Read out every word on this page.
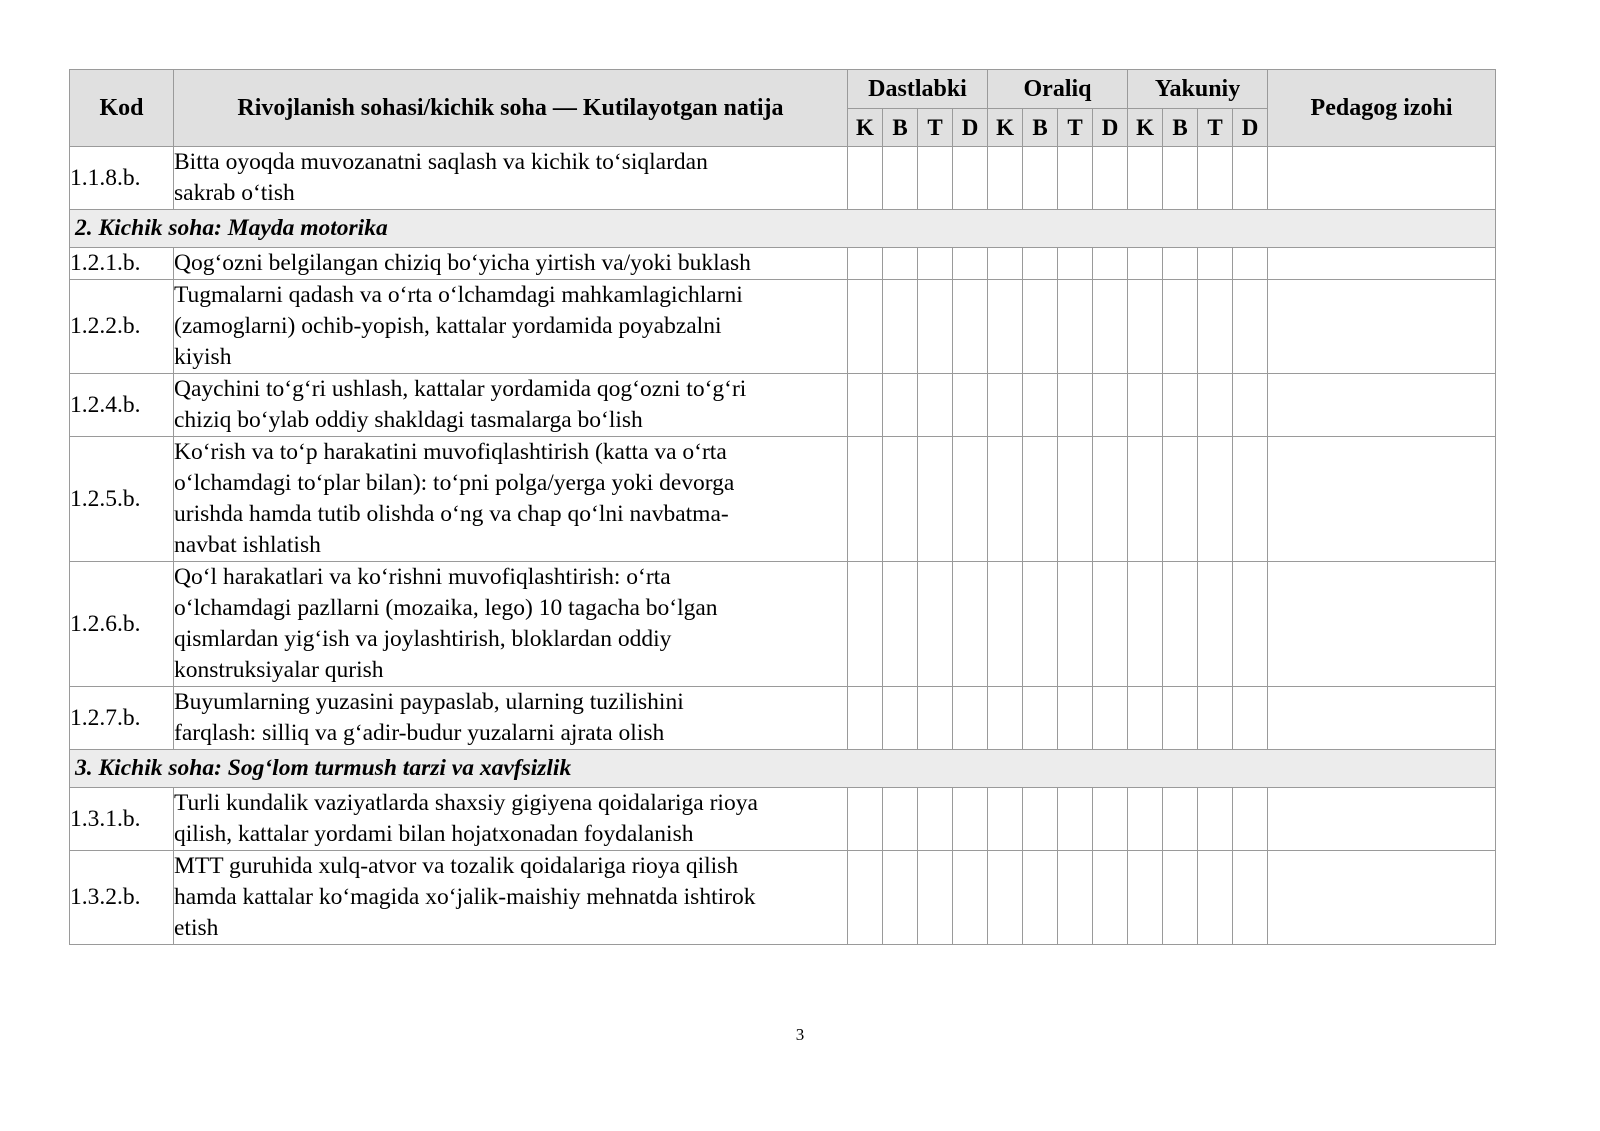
Kod	Rivojlanish sohasi/kichik soha — Kutilayotgan natija	Dastlabki				Oraliq				Yakuniy				Pedagog izohi
		K	B	T	D	K	B	T	D	K	B	T	D	
1.1.8.b.	Bitta oyoqda muvozanatni saqlash va kichik to‘siqlardan
sakrab o‘tish													

2. Kichik soha: Mayda motorika														
1.2.1.b.	Qog‘ozni belgilangan chiziq bo‘yicha yirtish va/yoki buklash													

1.2.2.b.	Tugmalarni qadash va o‘rta o‘lchamdagi mahkamlagichlarni
(zamoglarni) ochib-yopish, kattalar yordamida poyabzalni
kiyish													

1.2.4.b.	Qaychini to‘g‘ri ushlash, kattalar yordamida qog‘ozni to‘g‘ri
chiziq bo‘ylab oddiy shakldagi tasmalarga bo‘lish													

1.2.5.b.	Ko‘rish va to‘p harakatini muvofiqlashtirish (katta va o‘rta
o‘lchamdagi to‘plar bilan): to‘pni polga/yerga yoki devorga
urishda hamda tutib olishda o‘ng va chap qo‘lni navbatma-
navbat ishlatish													

1.2.6.b.	Qo‘l harakatlari va ko‘rishni muvofiqlashtirish: o‘rta
o‘lchamdagi pazllarni (mozaika, lego) 10 tagacha bo‘lgan
qismlardan yig‘ish va joylashtirish, bloklardan oddiy
konstruksiyalar qurish													

1.2.7.b.	Buyumlarning yuzasini paypaslab, ularning tuzilishini
farqlash: silliq va g‘adir-budur yuzalarni ajrata olish													

3. Kichik soha: Sog‘lom turmush tarzi va xavfsizlik														
1.3.1.b.	Turli kundalik vaziyatlarda shaxsiy gigiyena qoidalariga rioya
qilish, kattalar yordami bilan hojatxonadan foydalanish													

1.3.2.b.	MTT guruhida xulq-atvor va tozalik qoidalariga rioya qilish
hamda kattalar ko‘magida xo‘jalik-maishiy mehnatda ishtirok
etish													

3
